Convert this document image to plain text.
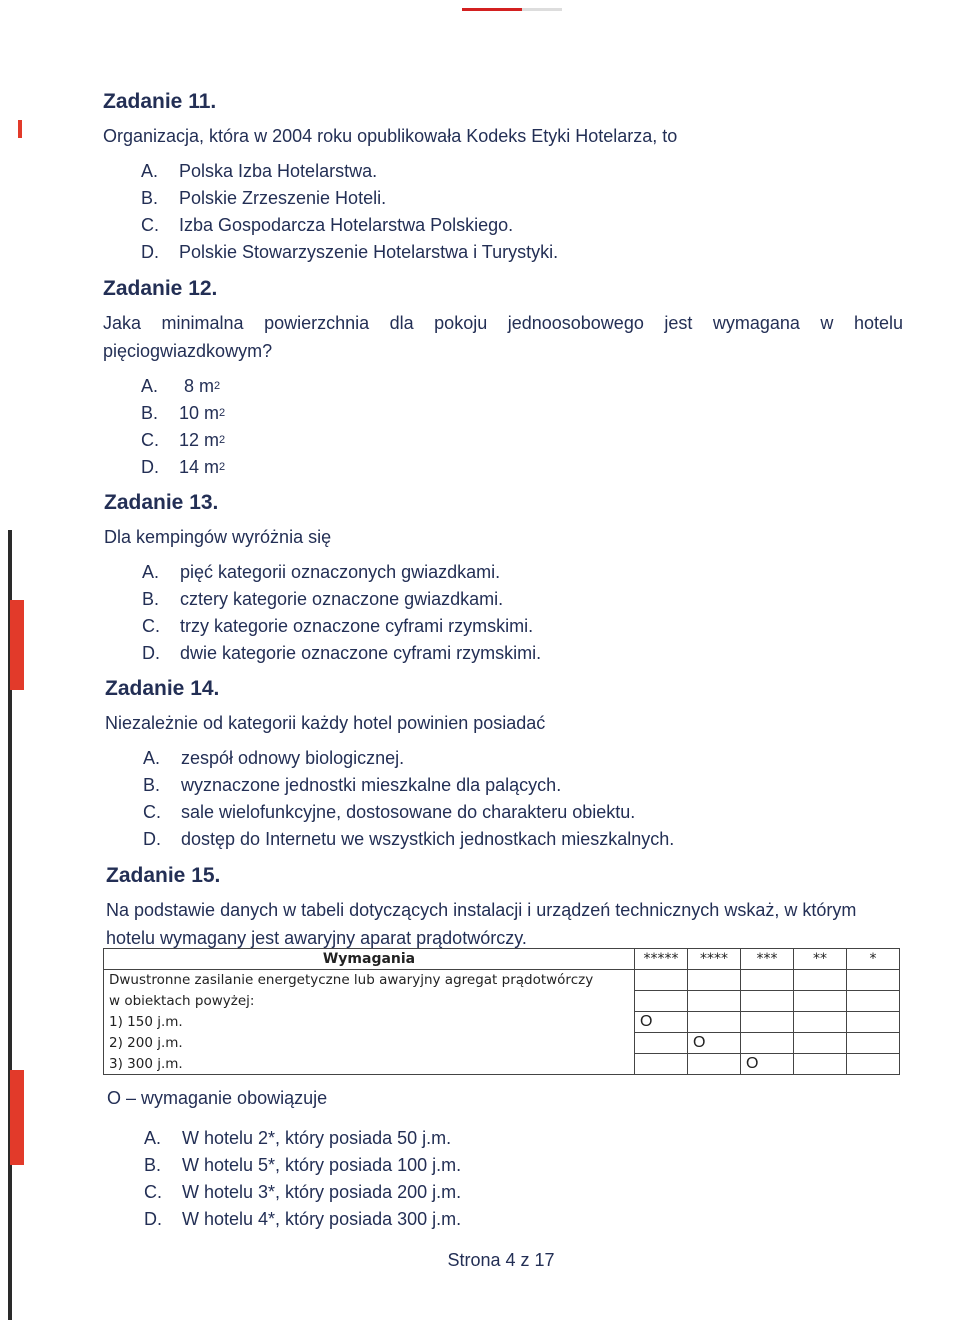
Zadanie 11.
Organizacja, która w 2004 roku opublikowała Kodeks Etyki Hotelarza, to
A.	Polska Izba Hotelarstwa.
B.	Polskie Zrzeszenie Hoteli.
C.	Izba Gospodarcza Hotelarstwa Polskiego.
D.	Polskie Stowarzyszenie Hotelarstwa i Turystyki.
Zadanie 12.
Jaka minimalna powierzchnia dla pokoju jednoosobowego jest wymagana w hotelu pięciogwiazdkowym?
A.	8 m 2
B.	10 m 2
C.	12 m 2
D.	14 m 2
Zadanie 13.
Dla kempingów wyróżnia się
A.	pięć kategorii oznaczonych gwiazdkami.
B.	cztery kategorie oznaczone gwiazdkami.
C.	trzy kategorie oznaczone cyframi rzymskimi.
D.	dwie kategorie oznaczone cyframi rzymskimi.
Zadanie 14.
Niezależnie od kategorii każdy hotel powinien posiadać
A.	zespół odnowy biologicznej.
B.	wyznaczone jednostki mieszkalne dla palących.
C.	sale wielofunkcyjne, dostosowane do charakteru obiektu.
D.	dostęp do Internetu we wszystkich jednostkach mieszkalnych.
Zadanie 15.
Na podstawie danych w tabeli dotyczących instalacji i urządzeń technicznych wskaż, w którym hotelu wymagany jest awaryjny aparat prądotwórczy.
Wymagania	*****	****	***	**	*
Dwustronne zasilanie energetyczne lub awaryjny agregat prądotwórczy					
w obiektach powyżej:					
1) 150 j.m.	O				
2) 200 j.m.		O			
3) 300 j.m.			O		
O – wymaganie obowiązuje
A.	W hotelu 2*, który posiada 50 j.m.
B.	W hotelu 5*, który posiada 100 j.m.
C.	W hotelu 3*, który posiada 200 j.m.
D.	W hotelu 4*, który posiada 300 j.m.
Strona 4 z 17
